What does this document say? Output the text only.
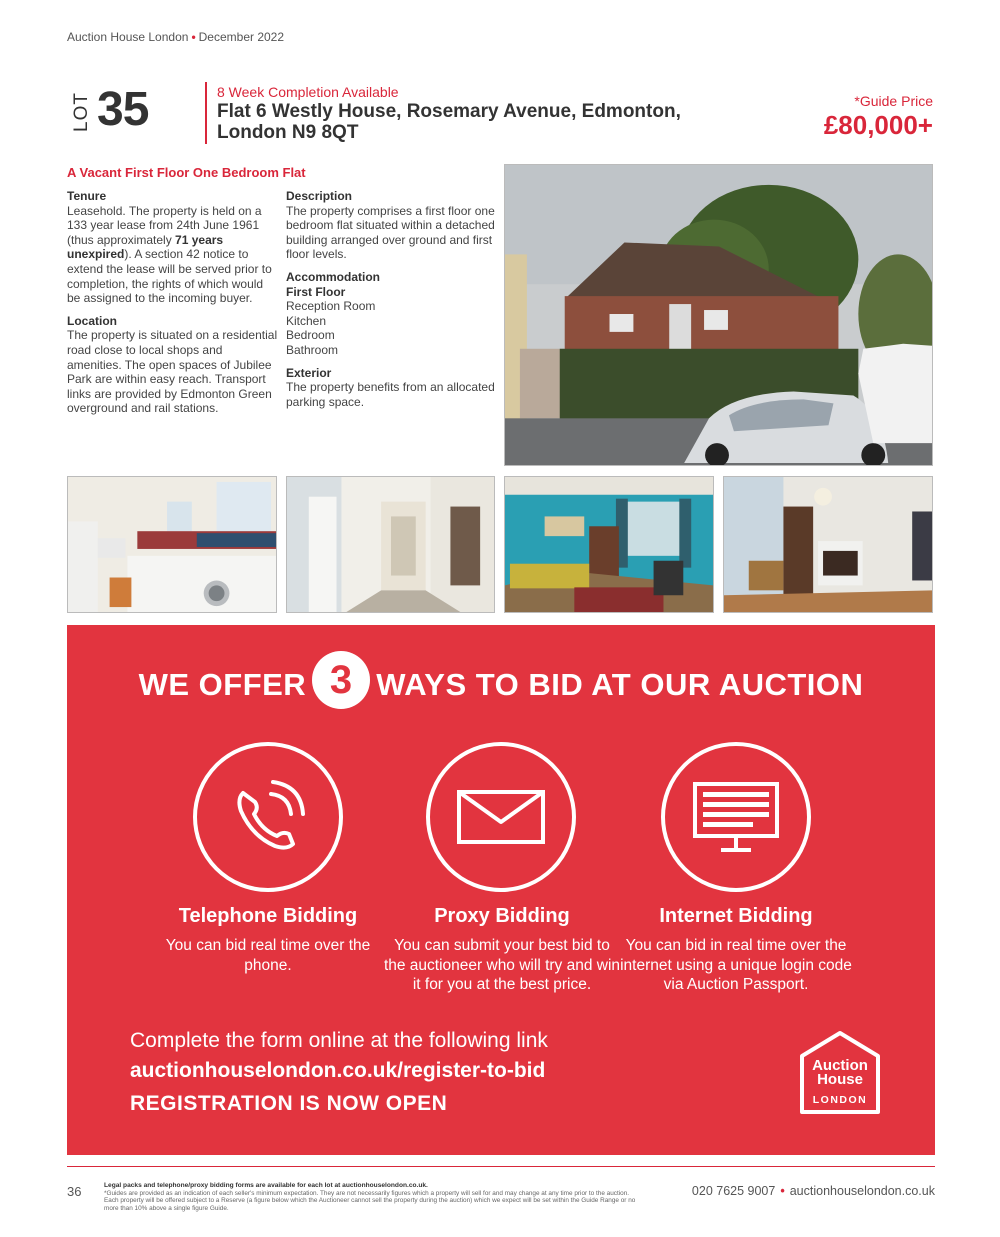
Auction House London • December 2022
LOT 35	8 Week Completion Available
Flat 6 Westly House, Rosemary Avenue, Edmonton,
London N9 8QT
*Guide Price
£80,000+
A Vacant First Floor One Bedroom Flat
Tenure

Leasehold. The property is held on a 133 year lease from 24th June 1961 (thus approximately 71 years unexpired). A section 42 notice to extend the lease will be served prior to completion, the rights of which would be assigned to the incoming buyer.

Location

The property is situated on a residential road close to local shops and amenities. The open spaces of Jubilee Park are within easy reach. Transport links are provided by Edmonton Green overground and rail stations.

Description

The property comprises a first floor one bedroom flat situated within a detached building arranged over ground and first floor levels.

Accommodation
First Floor
Reception Room
Kitchen
Bedroom
Bathroom
Exterior

The property benefits from an allocated parking space.

WE OFFER 3 WAYS TO BID AT OUR AUCTION
Telephone Bidding
You can bid real time over the phone.
Proxy Bidding
You can submit your best bid to the auctioneer who will try and win it for you at the best price.
Internet Bidding
You can bid in real time over the internet using a unique login code via Auction Passport.
Complete the form online at the following link
auctionhouselondon.co.uk/register-to-bid
REGISTRATION IS NOW OPEN
Auction
House
LONDON
36	Legal packs and telephone/proxy bidding forms are available for each lot at auctionhouselondon.co.uk.
*Guides are provided as an indication of each seller's minimum expectation. They are not necessarily figures which a property will sell for and may change at any time prior to the auction. Each property will be offered subject to a Reserve (a figure below which the Auctioneer cannot sell the property during the auction) which we expect will be set within the Guide Range or no more than 10% above a single figure Guide.
020 7625 9007 • auctionhouselondon.co.uk
